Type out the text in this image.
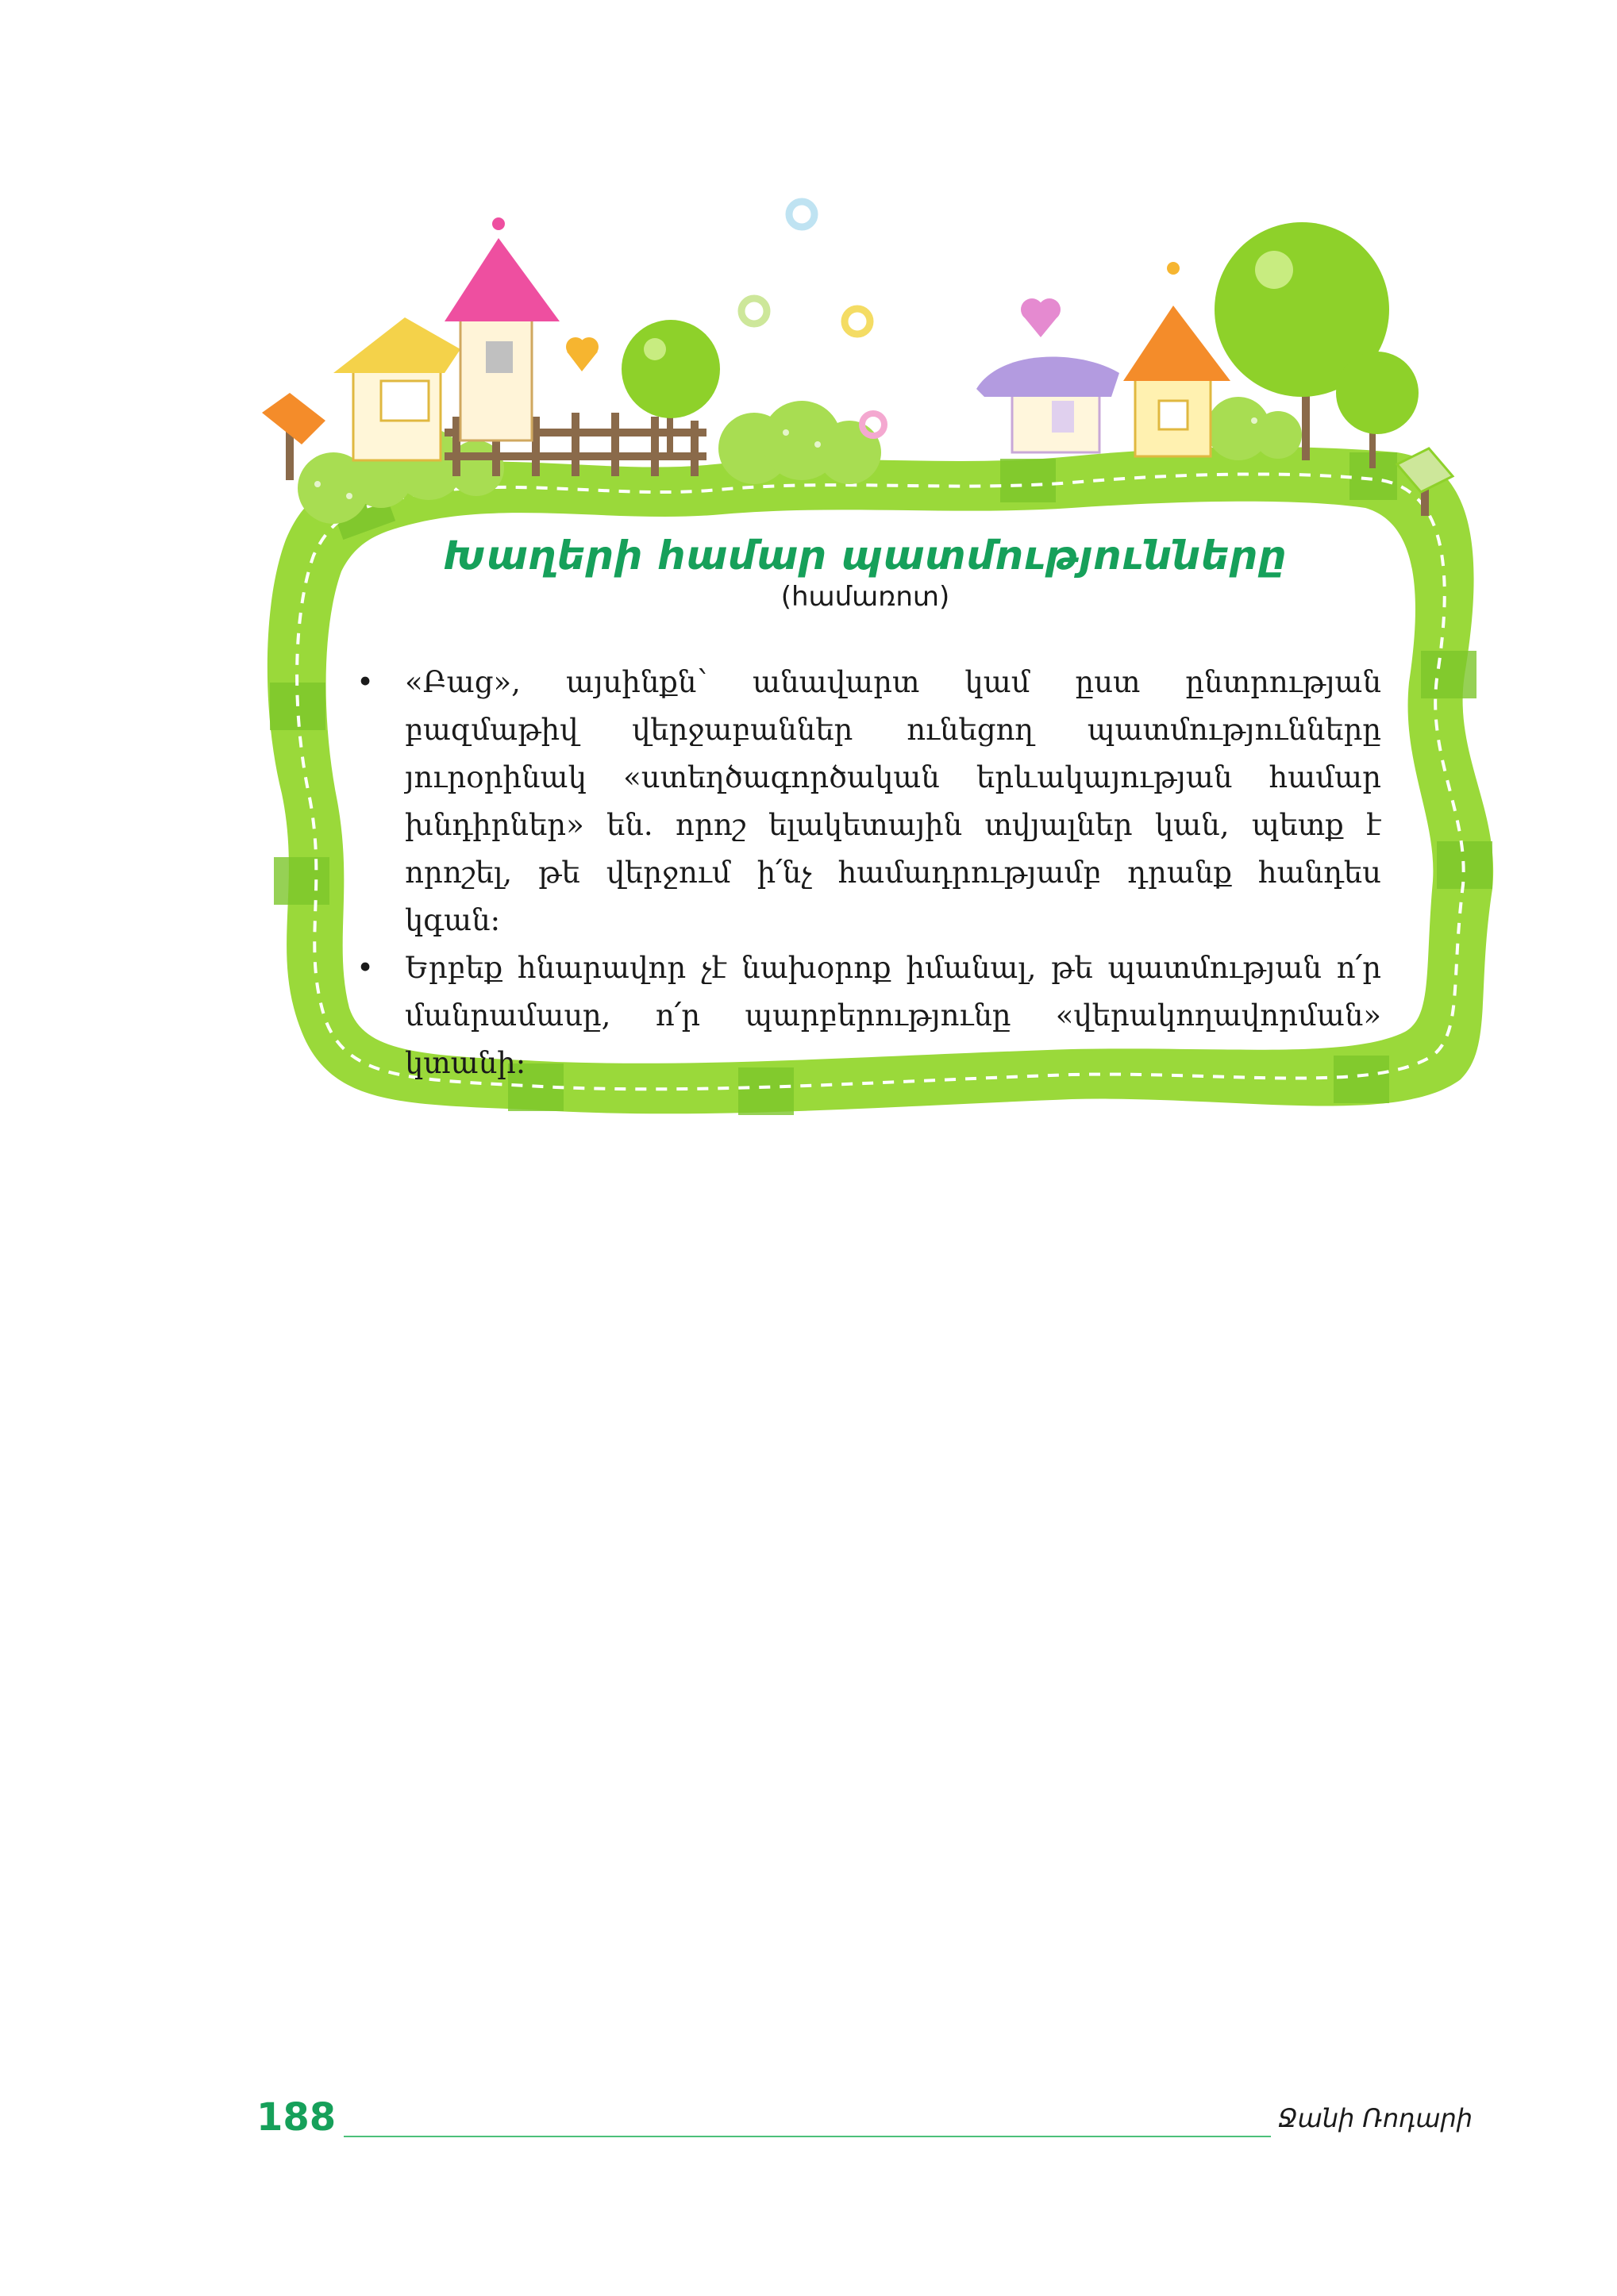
Խաղերի համար պատմությունները
(համառոտ)
• «Բաց», այսինքն՝ անավարտ կամ ըստ ընտրության բազմաթիվ վերջաբաններ ունեցող պատմությունները յուրօրինակ «ստեղծագործական երևակայության համար խնդիրներ» են. որոշ ելակետային տվյալներ կան, պետք է որոշել, թե վերջում ի՛նչ համադրությամբ դրանք հանդես կգան։
• Երբեք հնարավոր չէ նախօրոք իմանալ, թե պատմության ո՛ր մանրամասը, ո՛ր պարբերությունը «վերակողավորման» կտանի։
188	Ջանի Ռոդարի
